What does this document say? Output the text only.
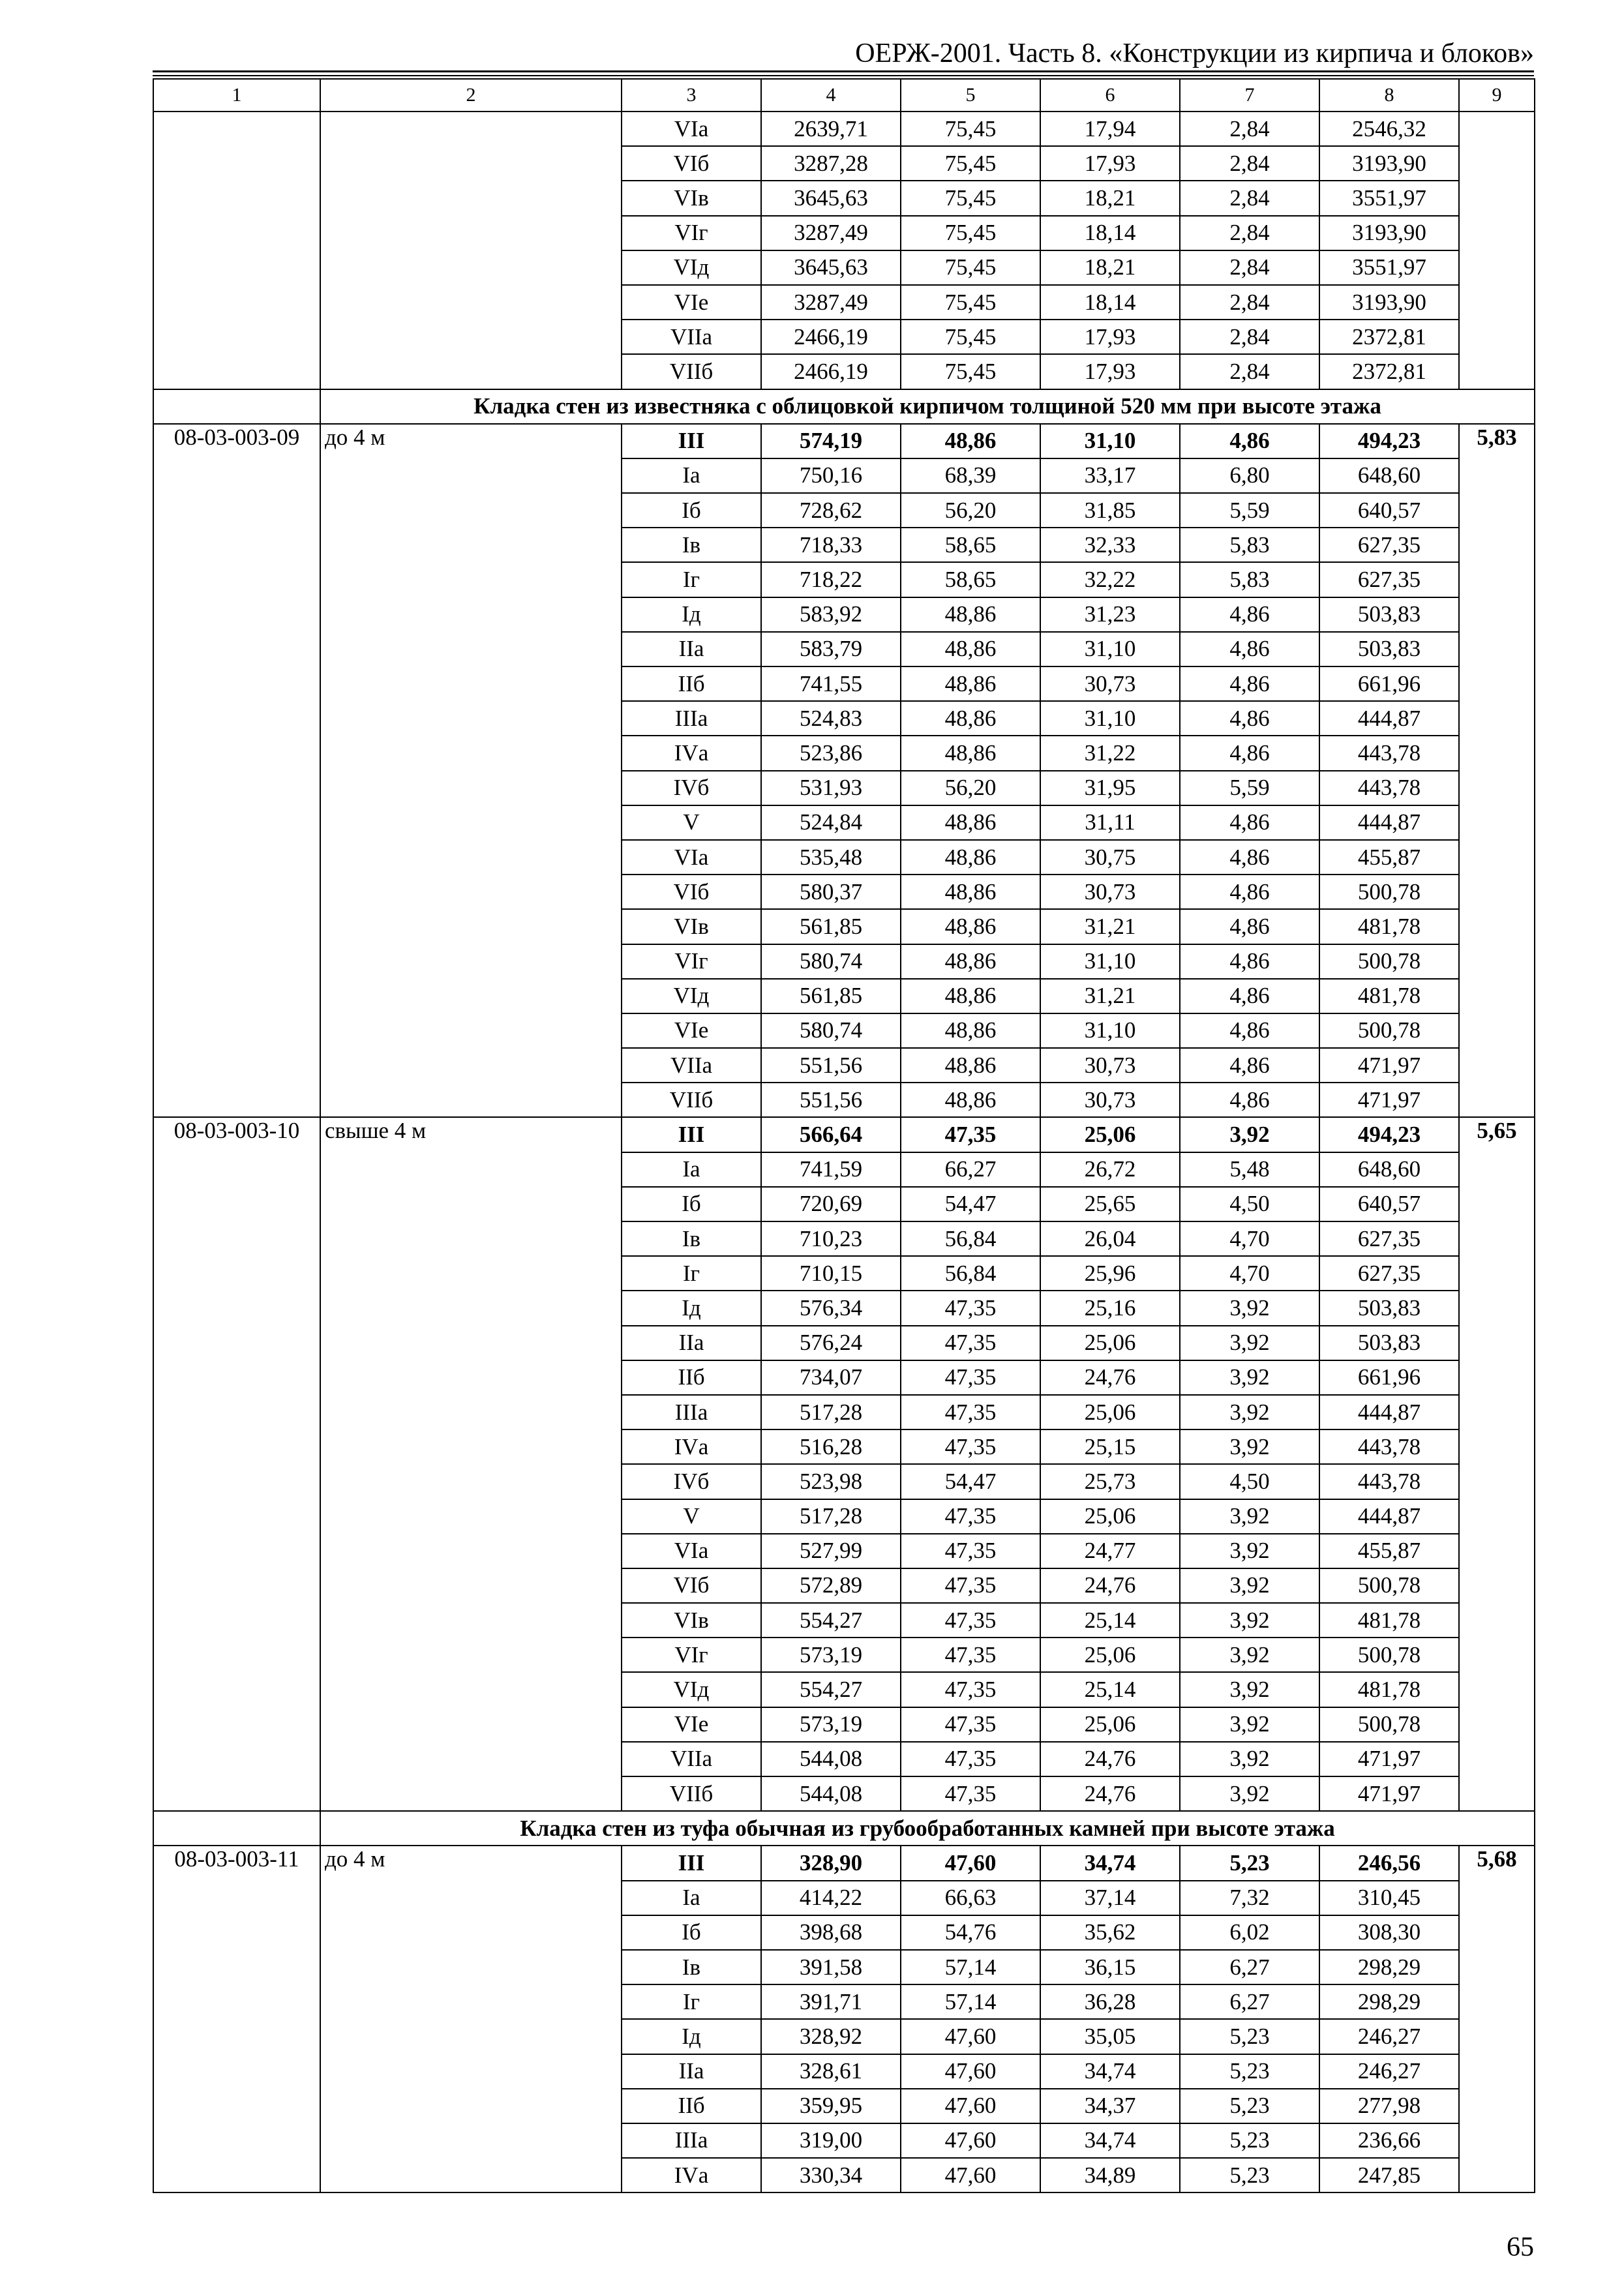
ОЕРЖ-2001. Часть 8. «Конструкции из кирпича и блоков»
1	2	3	4	5	6	7	8	9
		VIа	2639,71	75,45	17,94	2,84	2546,32	
		VIб	3287,28	75,45	17,93	2,84	3193,90	
		VIв	3645,63	75,45	18,21	2,84	3551,97	
		VIг	3287,49	75,45	18,14	2,84	3193,90	
		VIд	3645,63	75,45	18,21	2,84	3551,97	
		VIе	3287,49	75,45	18,14	2,84	3193,90	
		VIIа	2466,19	75,45	17,93	2,84	2372,81	
		VIIб	2466,19	75,45	17,93	2,84	2372,81	
	Кладка стен из известняка с облицовкой кирпичом толщиной 520 мм при высоте этажа							
08-03-003-09	до 4 м	III	574,19	48,86	31,10	4,86	494,23	5,83
		Iа	750,16	68,39	33,17	6,80	648,60	
		Iб	728,62	56,20	31,85	5,59	640,57	
		Iв	718,33	58,65	32,33	5,83	627,35	
		Iг	718,22	58,65	32,22	5,83	627,35	
		Iд	583,92	48,86	31,23	4,86	503,83	
		IIа	583,79	48,86	31,10	4,86	503,83	
		IIб	741,55	48,86	30,73	4,86	661,96	
		IIIа	524,83	48,86	31,10	4,86	444,87	
		IVа	523,86	48,86	31,22	4,86	443,78	
		IVб	531,93	56,20	31,95	5,59	443,78	
		V	524,84	48,86	31,11	4,86	444,87	
		VIа	535,48	48,86	30,75	4,86	455,87	
		VIб	580,37	48,86	30,73	4,86	500,78	
		VIв	561,85	48,86	31,21	4,86	481,78	
		VIг	580,74	48,86	31,10	4,86	500,78	
		VIд	561,85	48,86	31,21	4,86	481,78	
		VIе	580,74	48,86	31,10	4,86	500,78	
		VIIа	551,56	48,86	30,73	4,86	471,97	
		VIIб	551,56	48,86	30,73	4,86	471,97	
08-03-003-10	свыше 4 м	III	566,64	47,35	25,06	3,92	494,23	5,65
		Iа	741,59	66,27	26,72	5,48	648,60	
		Iб	720,69	54,47	25,65	4,50	640,57	
		Iв	710,23	56,84	26,04	4,70	627,35	
		Iг	710,15	56,84	25,96	4,70	627,35	
		Iд	576,34	47,35	25,16	3,92	503,83	
		IIа	576,24	47,35	25,06	3,92	503,83	
		IIб	734,07	47,35	24,76	3,92	661,96	
		IIIа	517,28	47,35	25,06	3,92	444,87	
		IVа	516,28	47,35	25,15	3,92	443,78	
		IVб	523,98	54,47	25,73	4,50	443,78	
		V	517,28	47,35	25,06	3,92	444,87	
		VIа	527,99	47,35	24,77	3,92	455,87	
		VIб	572,89	47,35	24,76	3,92	500,78	
		VIв	554,27	47,35	25,14	3,92	481,78	
		VIг	573,19	47,35	25,06	3,92	500,78	
		VIд	554,27	47,35	25,14	3,92	481,78	
		VIе	573,19	47,35	25,06	3,92	500,78	
		VIIа	544,08	47,35	24,76	3,92	471,97	
		VIIб	544,08	47,35	24,76	3,92	471,97	
	Кладка стен из туфа обычная из грубообработанных камней при высоте этажа							
08-03-003-11	до 4 м	III	328,90	47,60	34,74	5,23	246,56	5,68
		Iа	414,22	66,63	37,14	7,32	310,45	
		Iб	398,68	54,76	35,62	6,02	308,30	
		Iв	391,58	57,14	36,15	6,27	298,29	
		Iг	391,71	57,14	36,28	6,27	298,29	
		Iд	328,92	47,60	35,05	5,23	246,27	
		IIа	328,61	47,60	34,74	5,23	246,27	
		IIб	359,95	47,60	34,37	5,23	277,98	
		IIIа	319,00	47,60	34,74	5,23	236,66	
		IVа	330,34	47,60	34,89	5,23	247,85	
65
